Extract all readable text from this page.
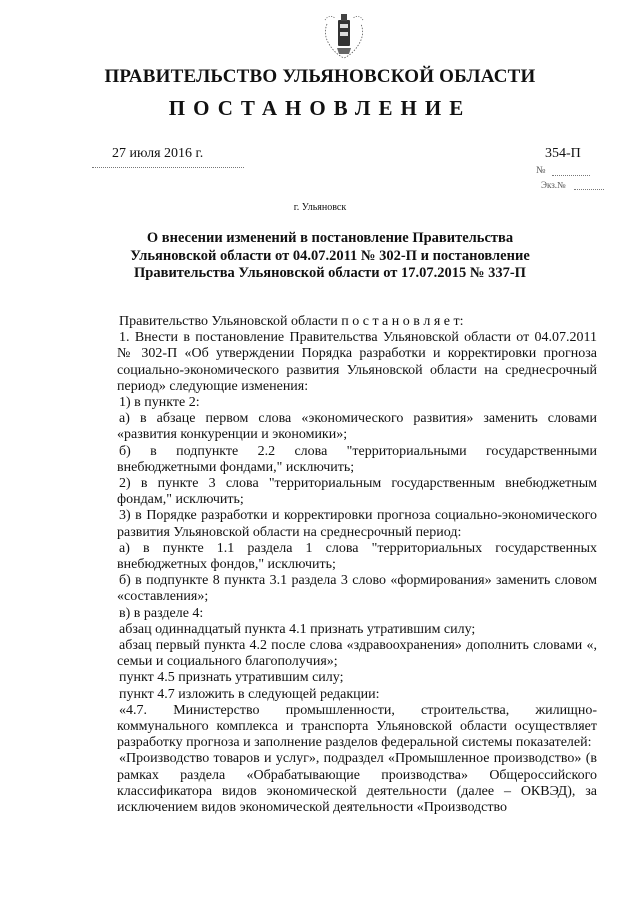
ПРАВИТЕЛЬСТВО УЛЬЯНОВСКОЙ ОБЛАСТИ
ПОСТАНОВЛЕНИЕ
27 июля 2016 г.	354-П
№
Экз.№
г. Ульяновск
О внесении изменений в постановление Правительства Ульяновской области от 04.07.2011 № 302-П и постановление Правительства Ульяновской области от 17.07.2015 № 337-П

Правительство Ульяновской области п о с т а н о в л я е т:

1. Внести в постановление Правительства Ульяновской области от 04.07.2011 № 302-П «Об утверждении Порядка разработки и корректировки прогноза социально-экономического развития Ульяновской области на среднесрочный период» следующие изменения:

1) в пункте 2:

а) в абзаце первом слова «экономического развития» заменить словами «развития конкуренции и экономики»;

б) в подпункте 2.2 слова "территориальными государственными внебюджетными фондами," исключить;

2) в пункте 3 слова "территориальным государственным внебюджетным фондам," исключить;

3) в Порядке разработки и корректировки прогноза социально-экономического развития Ульяновской области на среднесрочный период:

а) в пункте 1.1 раздела 1 слова "территориальных государственных внебюджетных фондов," исключить;

б) в подпункте 8 пункта 3.1 раздела 3 слово «формирования» заменить словом «составления»;

в) в разделе 4:

абзац одиннадцатый пункта 4.1 признать утратившим силу;

абзац первый пункта 4.2 после слова «здравоохранения» дополнить словами «, семьи и социального благополучия»;

пункт 4.5 признать утратившим силу;

пункт 4.7 изложить в следующей редакции:

«4.7. Министерство промышленности, строительства, жилищно-коммунального комплекса и транспорта Ульяновской области осуществляет разработку прогноза и заполнение разделов федеральной системы показателей:

«Производство товаров и услуг», подраздел «Промышленное производство» (в рамках раздела «Обрабатывающие производства» Общероссийского классификатора видов экономической деятельности (далее – ОКВЭД), за исключением видов экономической деятельности «Производство
